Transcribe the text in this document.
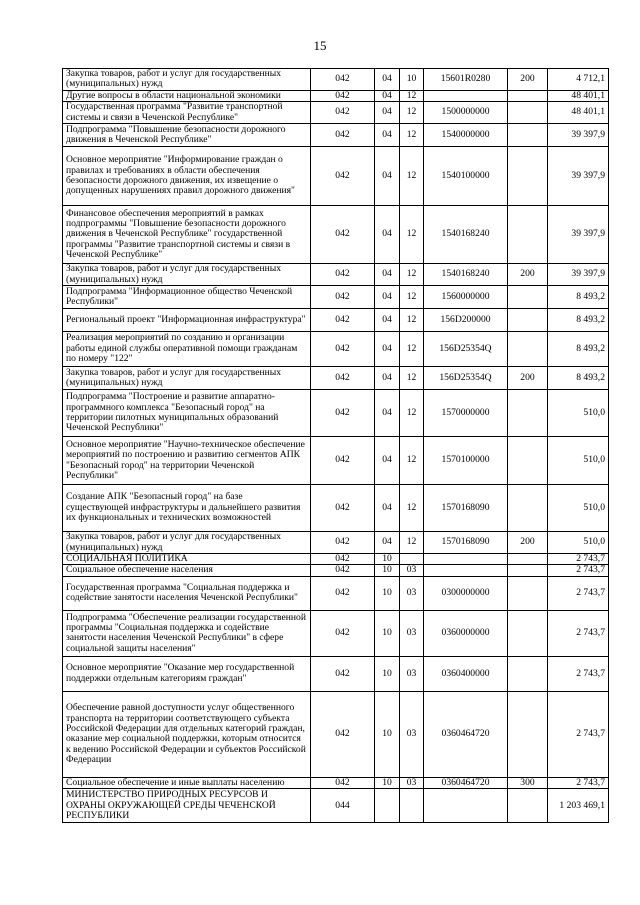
15
Закупка товаров, работ и услуг для государственных (муниципальных) нужд	042	04	10	15601R0280	200	4 712,1
Другие вопросы в области национальной экономики	042	04	12			48 401,1
Государственная программа "Развитие транспортной системы и связи в Чеченской Республике"	042	04	12	1500000000		48 401,1
Подпрограмма "Повышение безопасности дорожного движения в Чеченской Республике"	042	04	12	1540000000		39 397,9
Основное мероприятие "Информирование граждан о правилах и требованиях в области обеспечения безопасности дорожного движения, их извещение о допущенных нарушениях правил дорожного движения"	042	04	12	1540100000		39 397,9
Финансовое обеспечения мероприятий в рамках подпрограммы "Повышение безопасности дорожного движения в Чеченской Республике" государственной программы "Развитие транспортной системы и связи в Чеченской Республике"	042	04	12	1540168240		39 397,9
Закупка товаров, работ и услуг для государственных (муниципальных) нужд	042	04	12	1540168240	200	39 397,9
Подпрограмма "Информационное общество Чеченской Республики"	042	04	12	1560000000		8 493,2
Региональный проект "Информационная инфраструктура"	042	04	12	156D200000		8 493,2
Реализация мероприятий по созданию и организации работы единой службы оперативной помощи гражданам по номеру "122"	042	04	12	156D25354Q		8 493,2
Закупка товаров, работ и услуг для государственных (муниципальных) нужд	042	04	12	156D25354Q	200	8 493,2
Подпрограмма "Построение и развитие аппаратно-программного комплекса "Безопасный город" на территории пилотных муниципальных образований Чеченской Республики"	042	04	12	1570000000		510,0
Основное мероприятие "Научно-техническое обеспечение мероприятий по построению и развитию сегментов АПК "Безопасный город" на территории Чеченской Республики"	042	04	12	1570100000		510,0
Создание АПК "Безопасный город" на базе существующей инфраструктуры и дальнейшего развития их функциональных и технических возможностей	042	04	12	1570168090		510,0
Закупка товаров, работ и услуг для государственных (муниципальных) нужд	042	04	12	1570168090	200	510,0
СОЦИАЛЬНАЯ ПОЛИТИКА	042	10				2 743,7
Социальное обеспечение населения	042	10	03			2 743,7
Государственная программа "Социальная поддержка и содействие занятости населения Чеченской Республики"	042	10	03	0300000000		2 743,7
Подпрограмма "Обеспечение реализации государственной программы "Социальная поддержка и содействие занятости населения Чеченской Республики" в сфере социальной защиты населения"	042	10	03	0360000000		2 743,7
Основное мероприятие "Оказание мер государственной поддержки отдельным категориям граждан"	042	10	03	0360400000		2 743,7
Обеспечение равной доступности услуг общественного транспорта на территории соответствующего субъекта Российской Федерации для отдельных категорий граждан, оказание мер социальной поддержки, которым относится к ведению Российской Федерации и субъектов Российской Федерации	042	10	03	0360464720		2 743,7
Социальное обеспечение и иные выплаты населению	042	10	03	0360464720	300	2 743,7
МИНИСТЕРСТВО ПРИРОДНЫХ РЕСУРСОВ И ОХРАНЫ ОКРУЖАЮЩЕЙ СРЕДЫ ЧЕЧЕНСКОЙ РЕСПУБЛИКИ	044					1 203 469,1
